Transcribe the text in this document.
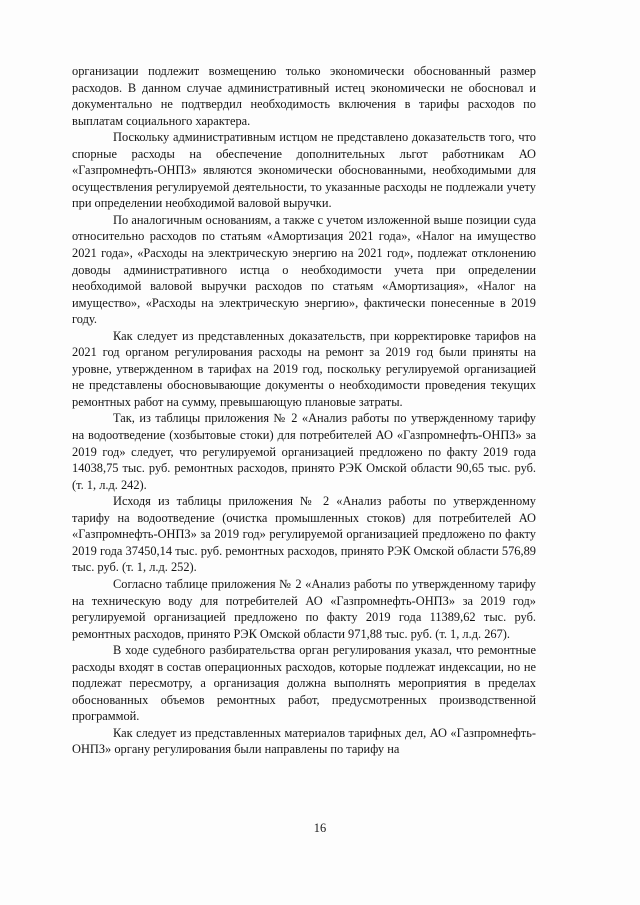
организации подлежит возмещению только экономически обоснованный размер расходов. В данном случае административный истец экономически не обосновал и документально не подтвердил необходимость включения в тарифы расходов по выплатам социального характера.

Поскольку административным истцом не представлено доказательств того, что спорные расходы на обеспечение дополнительных льгот работникам АО «Газпромнефть-ОНПЗ» являются экономически обоснованными, необходимыми для осуществления регулируемой деятельности, то указанные расходы не подлежали учету при определении необходимой валовой выручки.

По аналогичным основаниям, а также с учетом изложенной выше позиции суда относительно расходов по статьям «Амортизация 2021 года», «Налог на имущество 2021 года», «Расходы на электрическую энергию на 2021 год», подлежат отклонению доводы административного истца о необходимости учета при определении необходимой валовой выручки расходов по статьям «Амортизация», «Налог на имущество», «Расходы на электрическую энергию», фактически понесенные в 2019 году.

Как следует из представленных доказательств, при корректировке тарифов на 2021 год органом регулирования расходы на ремонт за 2019 год были приняты на уровне, утвержденном в тарифах на 2019 год, поскольку регулируемой организацией не представлены обосновывающие документы о необходимости проведения текущих ремонтных работ на сумму, превышающую плановые затраты.

Так, из таблицы приложения № 2 «Анализ работы по утвержденному тарифу на водоотведение (хозбытовые стоки) для потребителей АО «Газпромнефть-ОНПЗ» за 2019 год» следует, что регулируемой организацией предложено по факту 2019 года 14038,75 тыс. руб. ремонтных расходов, принято РЭК Омской области 90,65 тыс. руб. (т. 1, л.д. 242).

Исходя из таблицы приложения № 2 «Анализ работы по утвержденному тарифу на водоотведение (очистка промышленных стоков) для потребителей АО «Газпромнефть-ОНПЗ» за 2019 год» регулируемой организацией предложено по факту 2019 года 37450,14 тыс. руб. ремонтных расходов, принято РЭК Омской области 576,89 тыс. руб. (т. 1, л.д. 252).

Согласно таблице приложения № 2 «Анализ работы по утвержденному тарифу на техническую воду для потребителей АО «Газпромнефть-ОНПЗ» за 2019 год» регулируемой организацией предложено по факту 2019 года 11389,62 тыс. руб. ремонтных расходов, принято РЭК Омской области 971,88 тыс. руб. (т. 1, л.д. 267).

В ходе судебного разбирательства орган регулирования указал, что ремонтные расходы входят в состав операционных расходов, которые подлежат индексации, но не подлежат пересмотру, а организация должна выполнять мероприятия в пределах обоснованных объемов ремонтных работ, предусмотренных производственной программой.

Как следует из представленных материалов тарифных дел, АО «Газпромнефть-ОНПЗ» органу регулирования были направлены по тарифу на

16
